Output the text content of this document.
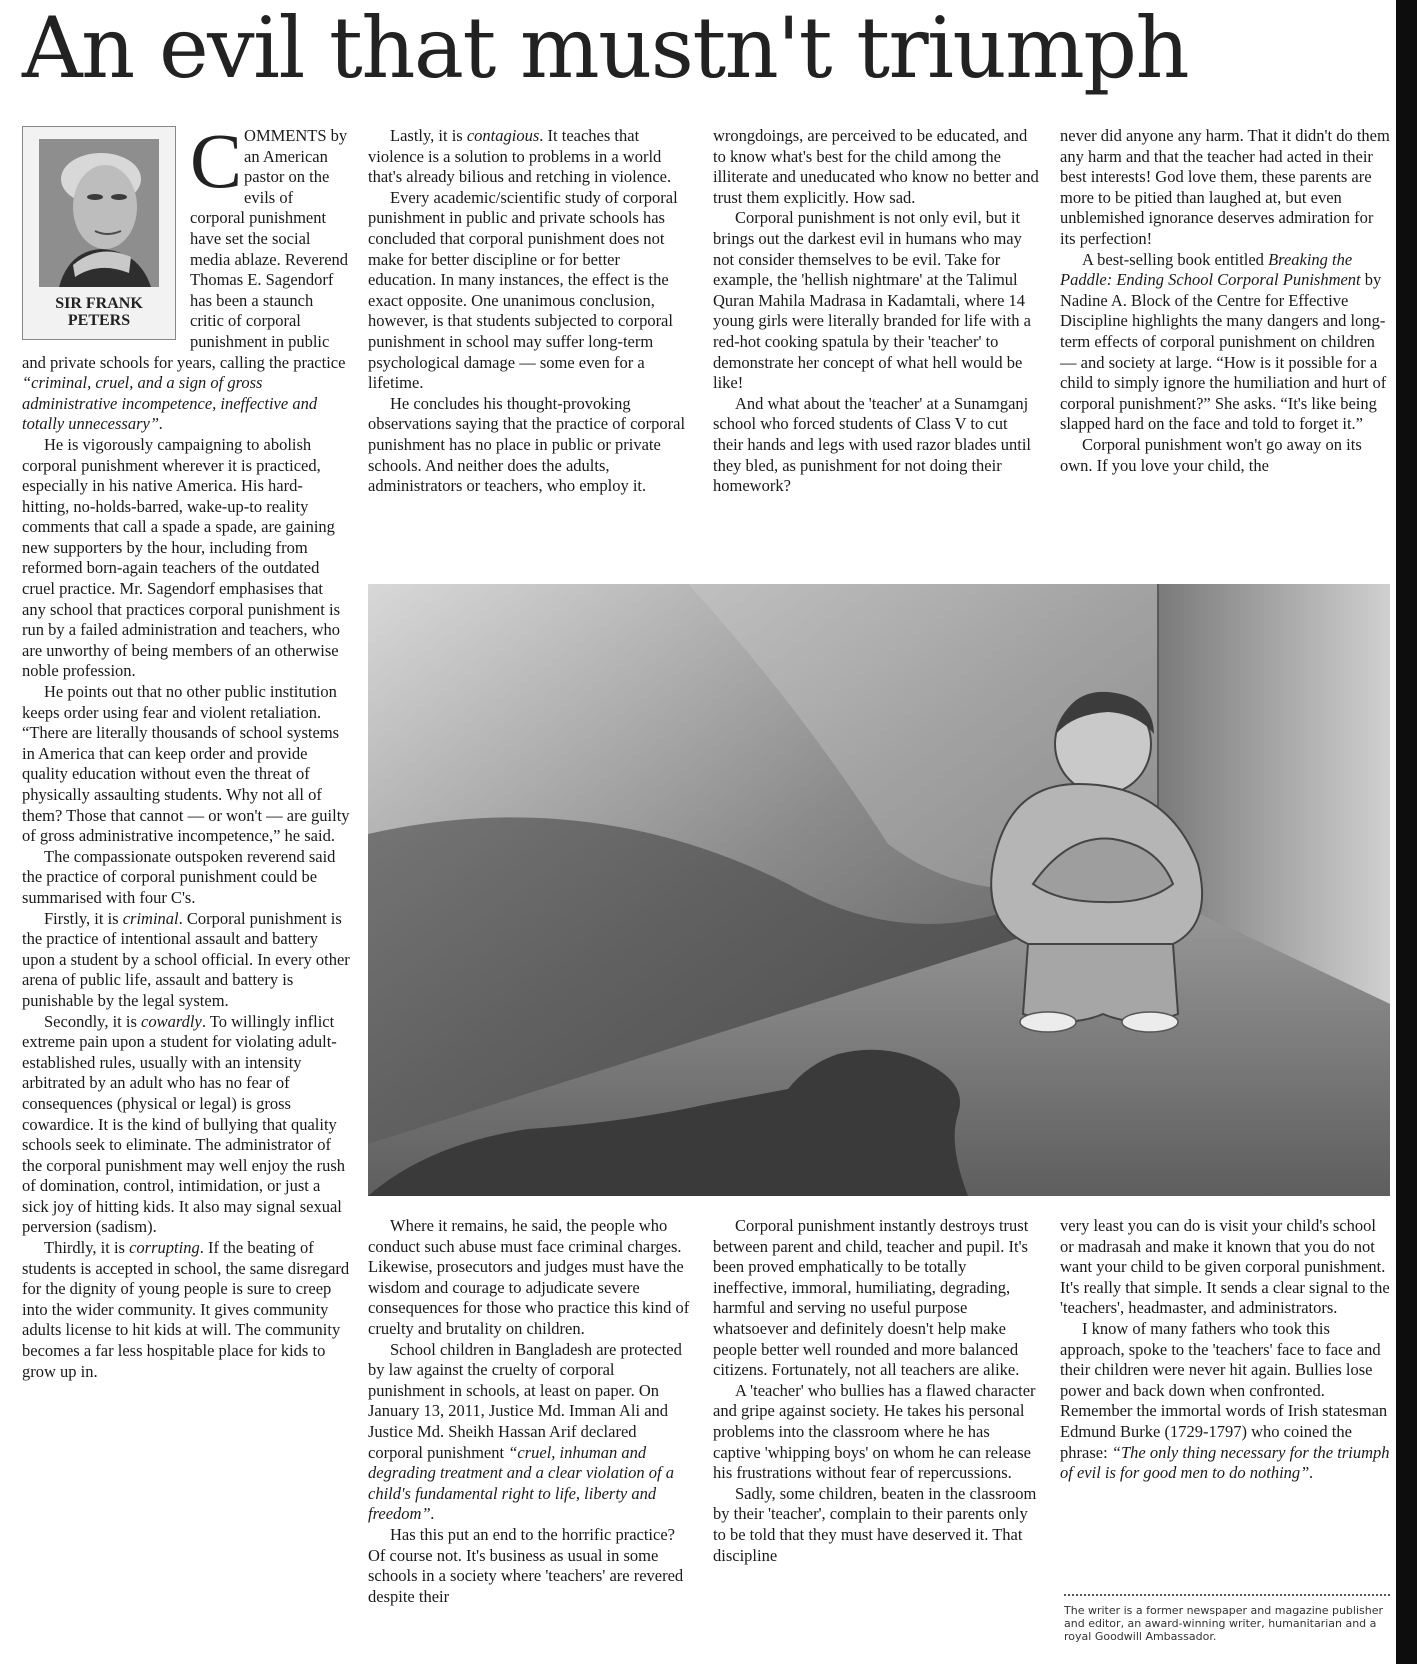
An evil that mustn't triumph
SIR FRANK
PETERS

COMMENTS by an American pastor on the evils of corporal punishment have set the social media ablaze. Reverend Thomas E. Sagendorf has been a staunch critic of corporal punishment in public and private schools for years, calling the practice “criminal, cruel, and a sign of gross administrative incompetence, ineffective and totally unnecessary”.

He is vigorously campaigning to abolish corporal punishment wherever it is practiced, especially in his native America. His hard-hitting, no-holds-barred, wake-up-to reality comments that call a spade a spade, are gaining new supporters by the hour, including from reformed born-again teachers of the outdated cruel practice. Mr. Sagendorf emphasises that any school that practices corporal punishment is run by a failed administration and teachers, who are unworthy of being members of an otherwise noble profession.

He points out that no other public institution keeps order using fear and violent retaliation. “There are literally thousands of school systems in America that can keep order and provide quality education without even the threat of physically assaulting students. Why not all of them? Those that cannot — or won't — are guilty of gross administrative incompetence,” he said.

The compassionate outspoken reverend said the practice of corporal punishment could be summarised with four C's.

Firstly, it is criminal. Corporal punishment is the practice of intentional assault and battery upon a student by a school official. In every other arena of public life, assault and battery is punishable by the legal system.

Secondly, it is cowardly. To willingly inflict extreme pain upon a student for violating adult-established rules, usually with an intensity arbitrated by an adult who has no fear of consequences (physical or legal) is gross cowardice. It is the kind of bullying that quality schools seek to eliminate. The administrator of the corporal punishment may well enjoy the rush of domination, control, intimidation, or just a sick joy of hitting kids. It also may signal sexual perversion (sadism).

Thirdly, it is corrupting. If the beating of students is accepted in school, the same disregard for the dignity of young people is sure to creep into the wider community. It gives community adults license to hit kids at will. The community becomes a far less hospitable place for kids to grow up in.

Lastly, it is contagious. It teaches that violence is a solution to problems in a world that's already bilious and retching in violence.

Every academic/scientific study of corporal punishment in public and private schools has concluded that corporal punishment does not make for better discipline or for better education. In many instances, the effect is the exact opposite. One unanimous conclusion, however, is that students subjected to corporal punishment in school may suffer long-term psychological damage — some even for a lifetime.

He concludes his thought-provoking observations saying that the practice of corporal punishment has no place in public or private schools. And neither does the adults, administrators or teachers, who employ it.

wrongdoings, are perceived to be educated, and to know what's best for the child among the illiterate and uneducated who know no better and trust them explicitly. How sad.

Corporal punishment is not only evil, but it brings out the darkest evil in humans who may not consider themselves to be evil. Take for example, the 'hellish nightmare' at the Talimul Quran Mahila Madrasa in Kadamtali, where 14 young girls were literally branded for life with a red-hot cooking spatula by their 'teacher' to demonstrate her concept of what hell would be like!

And what about the 'teacher' at a Sunamganj school who forced students of Class V to cut their hands and legs with used razor blades until they bled, as punishment for not doing their homework?

never did anyone any harm. That it didn't do them any harm and that the teacher had acted in their best interests! God love them, these parents are more to be pitied than laughed at, but even unblemished ignorance deserves admiration for its perfection!

A best-selling book entitled Breaking the Paddle: Ending School Corporal Punishment by Nadine A. Block of the Centre for Effective Discipline highlights the many dangers and long-term effects of corporal punishment on children — and society at large. “How is it possible for a child to simply ignore the humiliation and hurt of corporal punishment?” She asks. “It's like being slapped hard on the face and told to forget it.”

Corporal punishment won't go away on its own. If you love your child, the

Where it remains, he said, the people who conduct such abuse must face criminal charges. Likewise, prosecutors and judges must have the wisdom and courage to adjudicate severe consequences for those who practice this kind of cruelty and brutality on children.

School children in Bangladesh are protected by law against the cruelty of corporal punishment in schools, at least on paper. On January 13, 2011, Justice Md. Imman Ali and Justice Md. Sheikh Hassan Arif declared corporal punishment “cruel, inhuman and degrading treatment and a clear violation of a child's fundamental right to life, liberty and freedom”.

Has this put an end to the horrific practice? Of course not. It's business as usual in some schools in a society where 'teachers' are revered despite their

Corporal punishment instantly destroys trust between parent and child, teacher and pupil. It's been proved emphatically to be totally ineffective, immoral, humiliating, degrading, harmful and serving no useful purpose whatsoever and definitely doesn't help make people better well rounded and more balanced citizens. Fortunately, not all teachers are alike.

A 'teacher' who bullies has a flawed character and gripe against society. He takes his personal problems into the classroom where he has captive 'whipping boys' on whom he can release his frustrations without fear of repercussions.

Sadly, some children, beaten in the classroom by their 'teacher', complain to their parents only to be told that they must have deserved it. That discipline

very least you can do is visit your child's school or madrasah and make it known that you do not want your child to be given corporal punishment. It's really that simple. It sends a clear signal to the 'teachers', headmaster, and administrators.

I know of many fathers who took this approach, spoke to the 'teachers' face to face and their children were never hit again. Bullies lose power and back down when confronted. Remember the immortal words of Irish statesman Edmund Burke (1729-1797) who coined the phrase: “The only thing necessary for the triumph of evil is for good men to do nothing”.

The writer is a former newspaper and magazine publisher and editor, an award-winning writer, humanitarian and a royal Goodwill Ambassador.
